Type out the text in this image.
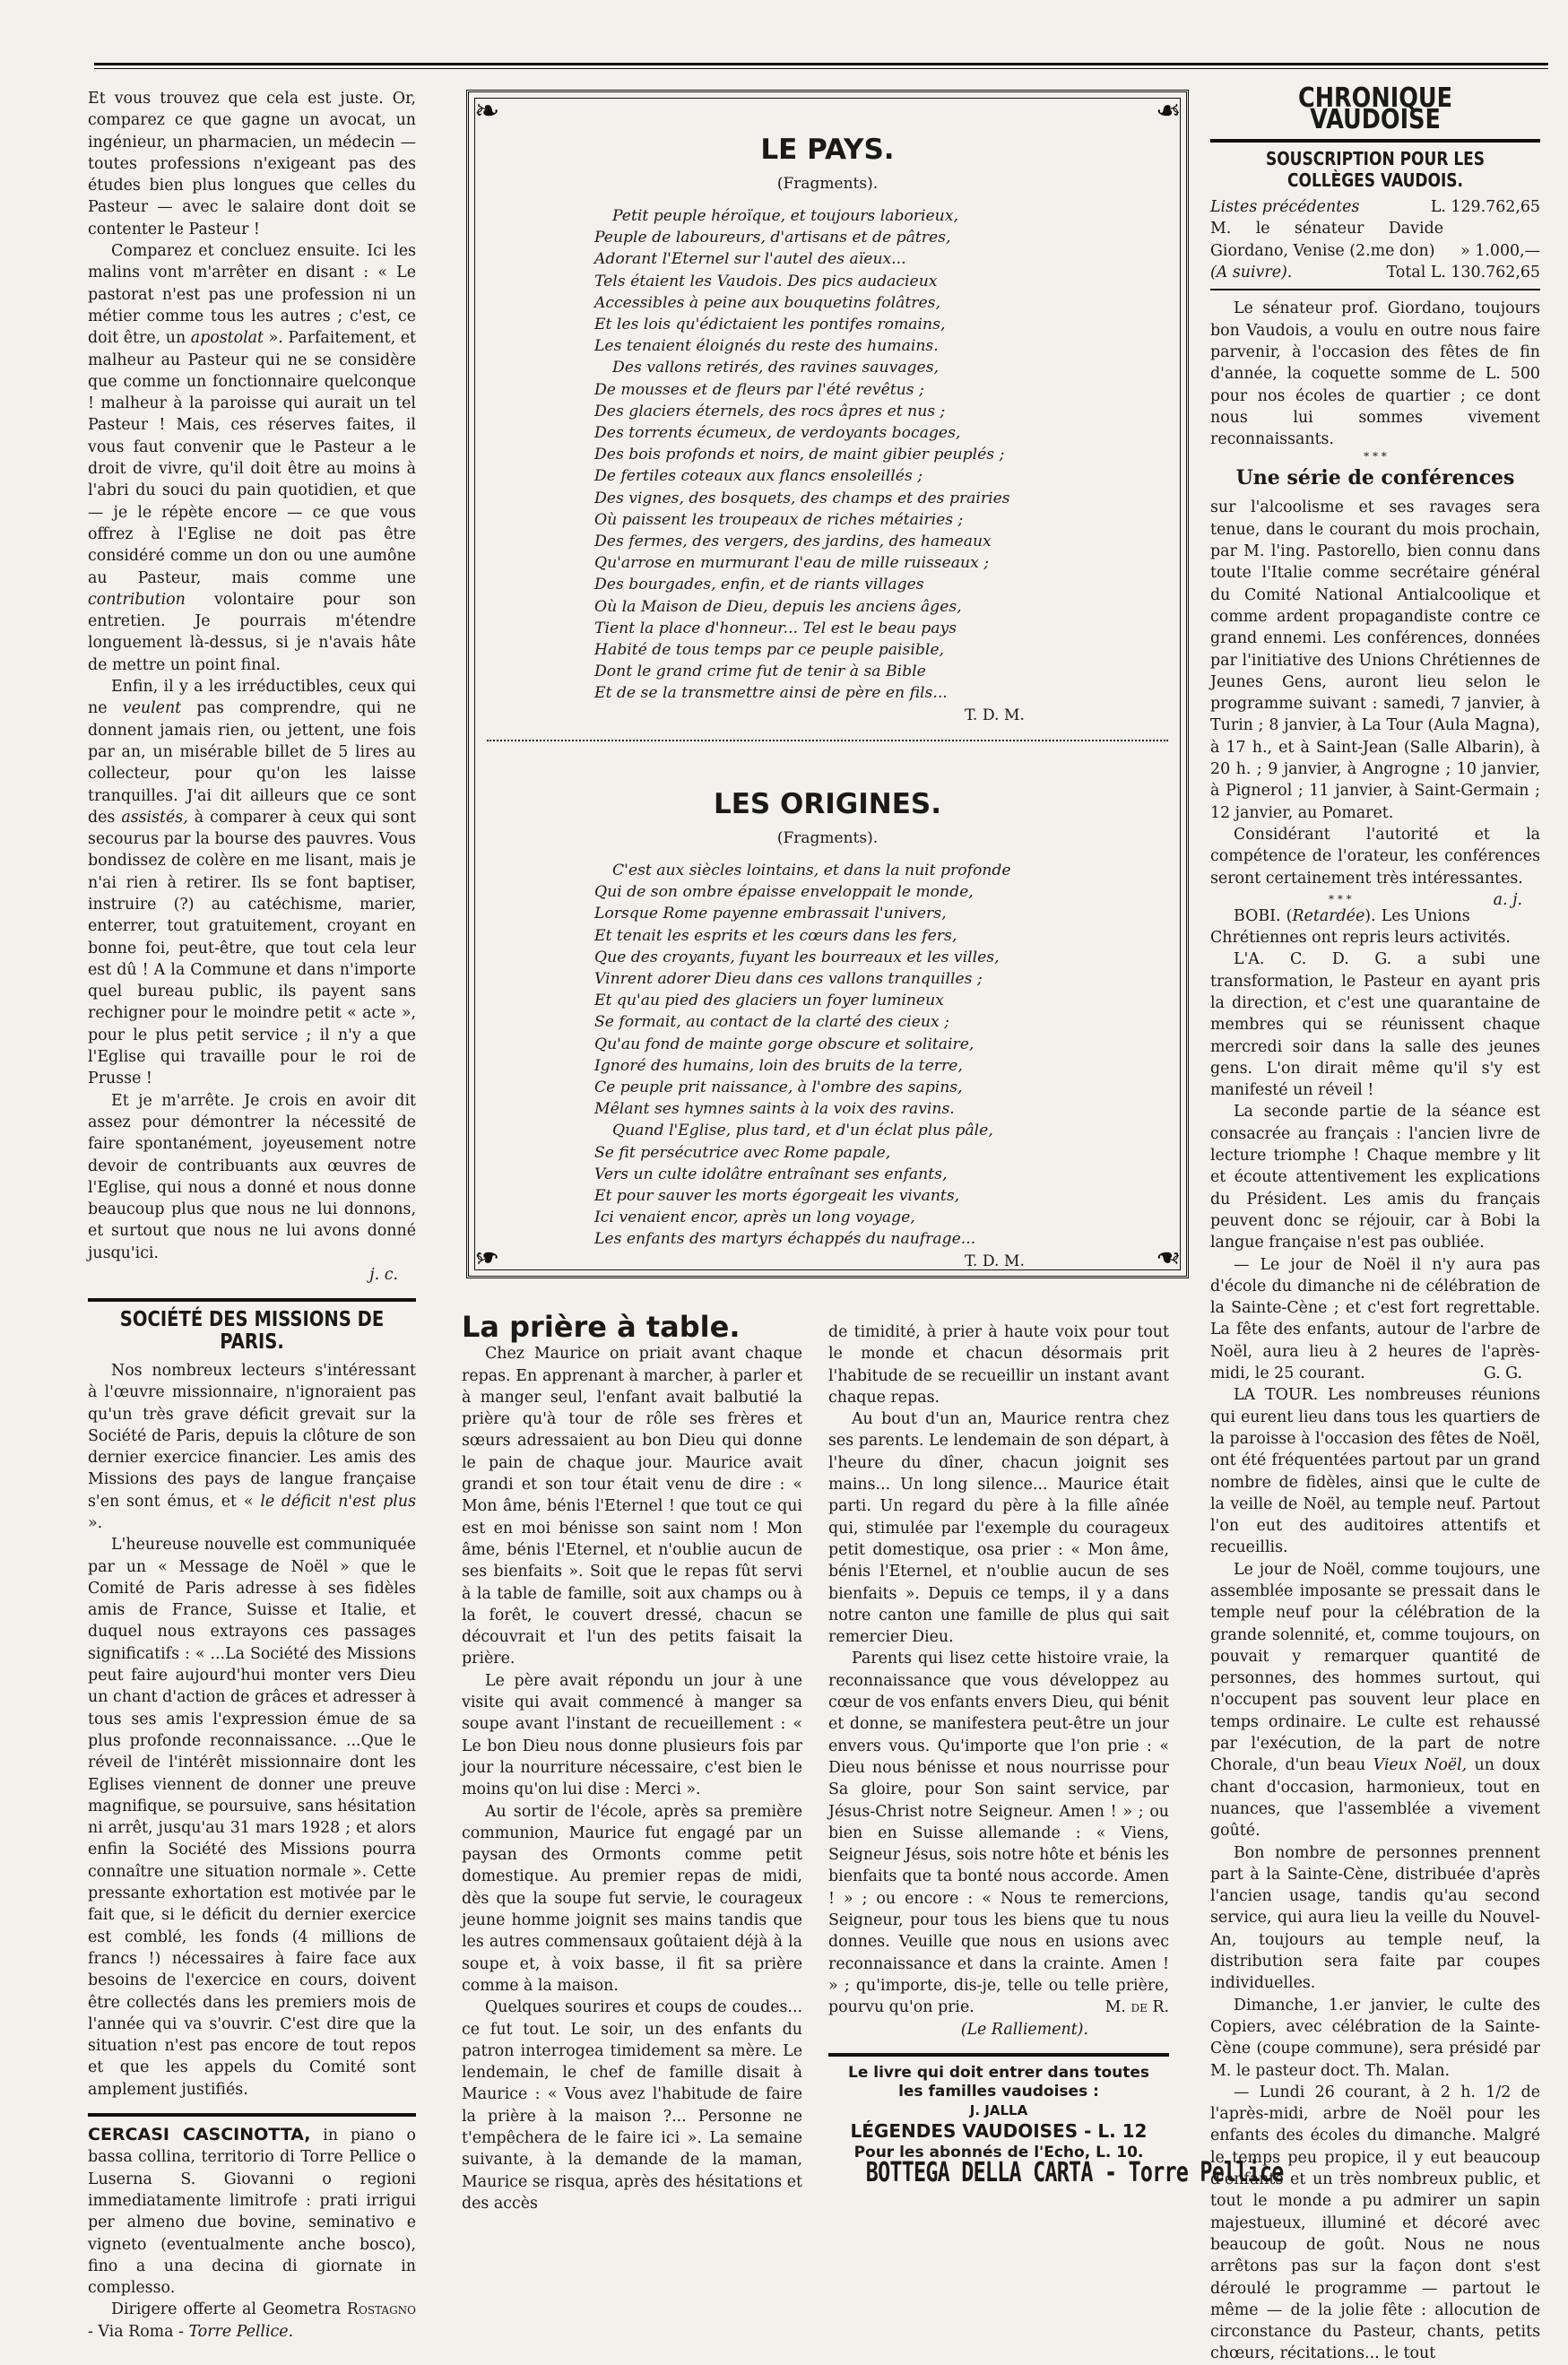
Et vous trouvez que cela est juste. Or, comparez ce que gagne un avocat, un ingénieur, un pharmacien, un médecin — toutes professions n'exigeant pas des études bien plus longues que celles du Pasteur — avec le salaire dont doit se contenter le Pasteur !

Comparez et concluez ensuite. Ici les malins vont m'arrêter en disant : « Le pastorat n'est pas une profession ni un métier comme tous les autres ; c'est, ce doit être, un apostolat ». Parfaitement, et malheur au Pasteur qui ne se considère que comme un fonctionnaire quelconque ! malheur à la paroisse qui aurait un tel Pasteur ! Mais, ces réserves faites, il vous faut convenir que le Pasteur a le droit de vivre, qu'il doit être au moins à l'abri du souci du pain quotidien, et que — je le répète encore — ce que vous offrez à l'Eglise ne doit pas être considéré comme un don ou une aumône au Pasteur, mais comme une contribution volontaire pour son entretien. Je pourrais m'étendre longuement là-dessus, si je n'avais hâte de mettre un point final.

Enfin, il y a les irréductibles, ceux qui ne veulent pas comprendre, qui ne donnent jamais rien, ou jettent, une fois par an, un misérable billet de 5 lires au collecteur, pour qu'on les laisse tranquilles. J'ai dit ailleurs que ce sont des assistés, à comparer à ceux qui sont secourus par la bourse des pauvres. Vous bondissez de colère en me lisant, mais je n'ai rien à retirer. Ils se font baptiser, instruire (?) au catéchisme, marier, enterrer, tout gratuitement, croyant en bonne foi, peut-être, que tout cela leur est dû ! A la Commune et dans n'importe quel bureau public, ils payent sans rechigner pour le moindre petit « acte », pour le plus petit service ; il n'y a que l'Eglise qui travaille pour le roi de Prusse !

Et je m'arrête. Je crois en avoir dit assez pour démontrer la nécessité de faire spontanément, joyeusement notre devoir de contribuants aux œuvres de l'Eglise, qui nous a donné et nous donne beaucoup plus que nous ne lui donnons, et surtout que nous ne lui avons donné jusqu'ici.

j. c.
SOCIÉTÉ DES MISSIONS DE PARIS.

Nos nombreux lecteurs s'intéressant à l'œuvre missionnaire, n'ignoraient pas qu'un très grave déficit grevait sur la Société de Paris, depuis la clôture de son dernier exercice financier. Les amis des Missions des pays de langue française s'en sont émus, et « le déficit n'est plus ».

L'heureuse nouvelle est communiquée par un « Message de Noël » que le Comité de Paris adresse à ses fidèles amis de France, Suisse et Italie, et duquel nous extrayons ces passages significatifs : « ...La Société des Missions peut faire aujourd'hui monter vers Dieu un chant d'action de grâces et adresser à tous ses amis l'expression émue de sa plus profonde reconnaissance. ...Que le réveil de l'intérêt missionnaire dont les Eglises viennent de donner une preuve magnifique, se poursuive, sans hésitation ni arrêt, jusqu'au 31 mars 1928 ; et alors enfin la Société des Missions pourra connaître une situation normale ». Cette pressante exhortation est motivée par le fait que, si le déficit du dernier exercice est comblé, les fonds (4 millions de francs !) nécessaires à faire face aux besoins de l'exercice en cours, doivent être collectés dans les premiers mois de l'année qui va s'ouvrir. C'est dire que la situation n'est pas encore de tout repos et que les appels du Comité sont amplement justifiés.

CERCASI CASCINOTTA, in piano o bassa collina, territorio di Torre Pellice o Luserna S. Giovanni o regioni immediatamente limitrofe : prati irrigui per almeno due bovine, seminativo e vigneto (eventualmente anche bosco), fino a una decina di giornate in complesso.

Dirigere offerte al Geometra Rostagno - Via Roma - Torre Pellice.

❧	❧
❧	❧
LE PAYS.
(Fragments).
Petit peuple héroïque, et toujours laborieux,
Peuple de laboureurs, d'artisans et de pâtres,
Adorant l'Eternel sur l'autel des aïeux...
Tels étaient les Vaudois. Des pics audacieux
Accessibles à peine aux bouquetins folâtres,
Et les lois qu'édictaient les pontifes romains,
Les tenaient éloignés du reste des humains.
Des vallons retirés, des ravines sauvages,
De mousses et de fleurs par l'été revêtus ;
Des glaciers éternels, des rocs âpres et nus ;
Des torrents écumeux, de verdoyants bocages,
Des bois profonds et noirs, de maint gibier peuplés ;
De fertiles coteaux aux flancs ensoleillés ;
Des vignes, des bosquets, des champs et des prairies
Où paissent les troupeaux de riches métairies ;
Des fermes, des vergers, des jardins, des hameaux
Qu'arrose en murmurant l'eau de mille ruisseaux ;
Des bourgades, enfin, et de riants villages
Où la Maison de Dieu, depuis les anciens âges,
Tient la place d'honneur... Tel est le beau pays
Habité de tous temps par ce peuple paisible,
Dont le grand crime fut de tenir à sa Bible
Et de se la transmettre ainsi de père en fils...
T. D. M.
LES ORIGINES.
(Fragments).
C'est aux siècles lointains, et dans la nuit profonde
Qui de son ombre épaisse enveloppait le monde,
Lorsque Rome payenne embrassait l'univers,
Et tenait les esprits et les cœurs dans les fers,
Que des croyants, fuyant les bourreaux et les villes,
Vinrent adorer Dieu dans ces vallons tranquilles ;
Et qu'au pied des glaciers un foyer lumineux
Se formait, au contact de la clarté des cieux ;
Qu'au fond de mainte gorge obscure et solitaire,
Ignoré des humains, loin des bruits de la terre,
Ce peuple prit naissance, à l'ombre des sapins,
Mêlant ses hymnes saints à la voix des ravins.
Quand l'Eglise, plus tard, et d'un éclat plus pâle,
Se fit persécutrice avec Rome papale,
Vers un culte idolâtre entraînant ses enfants,
Et pour sauver les morts égorgeait les vivants,
Ici venaient encor, après un long voyage,
Les enfants des martyrs échappés du naufrage...
T. D. M.
La prière à table.

Chez Maurice on priait avant chaque repas. En apprenant à marcher, à parler et à manger seul, l'enfant avait balbutié la prière qu'à tour de rôle ses frères et sœurs adressaient au bon Dieu qui donne le pain de chaque jour. Maurice avait grandi et son tour était venu de dire : « Mon âme, bénis l'Eternel ! que tout ce qui est en moi bénisse son saint nom ! Mon âme, bénis l'Eternel, et n'oublie aucun de ses bienfaits ». Soit que le repas fût servi à la table de famille, soit aux champs ou à la forêt, le couvert dressé, chacun se découvrait et l'un des petits faisait la prière.

Le père avait répondu un jour à une visite qui avait commencé à manger sa soupe avant l'instant de recueillement : « Le bon Dieu nous donne plusieurs fois par jour la nourriture nécessaire, c'est bien le moins qu'on lui dise : Merci ».

Au sortir de l'école, après sa première communion, Maurice fut engagé par un paysan des Ormonts comme petit domestique. Au premier repas de midi, dès que la soupe fut servie, le courageux jeune homme joignit ses mains tandis que les autres commensaux goûtaient déjà à la soupe et, à voix basse, il fit sa prière comme à la maison.

Quelques sourires et coups de coudes... ce fut tout. Le soir, un des enfants du patron interrogea timidement sa mère. Le lendemain, le chef de famille disait à Maurice : « Vous avez l'habitude de faire la prière à la maison ?... Personne ne t'empêchera de le faire ici ». La semaine suivante, à la demande de la maman, Maurice se risqua, après des hésitations et des accès

de timidité, à prier à haute voix pour tout le monde et chacun désormais prit l'habitude de se recueillir un instant avant chaque repas.

Au bout d'un an, Maurice rentra chez ses parents. Le lendemain de son départ, à l'heure du dîner, chacun joignit ses mains... Un long silence... Maurice était parti. Un regard du père à la fille aînée qui, stimulée par l'exemple du courageux petit domestique, osa prier : « Mon âme, bénis l'Eternel, et n'oublie aucun de ses bienfaits ». Depuis ce temps, il y a dans notre canton une famille de plus qui sait remercier Dieu.

Parents qui lisez cette histoire vraie, la reconnaissance que vous développez au cœur de vos enfants envers Dieu, qui bénit et donne, se manifestera peut-être un jour envers vous. Qu'importe que l'on prie : « Dieu nous bénisse et nous nourrisse pour Sa gloire, pour Son saint service, par Jésus-Christ notre Seigneur. Amen ! » ; ou bien en Suisse allemande : « Viens, Seigneur Jésus, sois notre hôte et bénis les bienfaits que ta bonté nous accorde. Amen ! » ; ou encore : « Nous te remercions, Seigneur, pour tous les biens que tu nous donnes. Veuille que nous en usions avec reconnaissance et dans la crainte. Amen ! » ; qu'importe, dis-je, telle ou telle prière, pourvu qu'on prie.	M. de R.

(Le Ralliement).
Le livre qui doit entrer dans toutes
les familles vaudoises :
J. JALLA
LÉGENDES VAUDOISES - L. 12
Pour les abonnés de l'Echo, L. 10.
BOTTEGA DELLA CARTA - Torre Pellice
CHRONIQUE VAUDOISE
SOUSCRIPTION POUR LES COLLÈGES VAUDOIS.
Listes précédentes	L. 129.762,65
M. le sénateur Davide Giordano, Venise (2.me don)	» 1.000,—
(A suivre).	Total L. 130.762,65

Le sénateur prof. Giordano, toujours bon Vaudois, a voulu en outre nous faire parvenir, à l'occasion des fêtes de fin d'année, la coquette somme de L. 500 pour nos écoles de quartier ; ce dont nous lui sommes vivement reconnaissants.

* * *
Une série de conférences

sur l'alcoolisme et ses ravages sera tenue, dans le courant du mois prochain, par M. l'ing. Pastorello, bien connu dans toute l'Italie comme secrétaire général du Comité National Antialcoolique et comme ardent propagandiste contre ce grand ennemi. Les conférences, données par l'initiative des Unions Chrétiennes de Jeunes Gens, auront lieu selon le programme suivant : samedi, 7 janvier, à Turin ; 8 janvier, à La Tour (Aula Magna), à 17 h., et à Saint-Jean (Salle Albarin), à 20 h. ; 9 janvier, à Angrogne ; 10 janvier, à Pignerol ; 11 janvier, à Saint-Germain ; 12 janvier, au Pomaret.

Considérant l'autorité et la compétence de l'orateur, les conférences seront certainement très intéressantes.
a. j.

* * *

BOBI. (Retardée). Les Unions Chrétiennes ont repris leurs activités.

L'A. C. D. G. a subi une transformation, le Pasteur en ayant pris la direction, et c'est une quarantaine de membres qui se réunissent chaque mercredi soir dans la salle des jeunes gens. L'on dirait même qu'il s'y est manifesté un réveil !

La seconde partie de la séance est consacrée au français : l'ancien livre de lecture triomphe ! Chaque membre y lit et écoute attentivement les explications du Président. Les amis du français peuvent donc se réjouir, car à Bobi la langue française n'est pas oubliée.

— Le jour de Noël il n'y aura pas d'école du dimanche ni de célébration de la Sainte-Cène ; et c'est fort regrettable. La fête des enfants, autour de l'arbre de Noël, aura lieu à 2 heures de l'après-midi, le 25 courant.	G. G.

LA TOUR. Les nombreuses réunions qui eurent lieu dans tous les quartiers de la paroisse à l'occasion des fêtes de Noël, ont été fréquentées partout par un grand nombre de fidèles, ainsi que le culte de la veille de Noël, au temple neuf. Partout l'on eut des auditoires attentifs et recueillis.

Le jour de Noël, comme toujours, une assemblée imposante se pressait dans le temple neuf pour la célébration de la grande solennité, et, comme toujours, on pouvait y remarquer quantité de personnes, des hommes surtout, qui n'occupent pas souvent leur place en temps ordinaire. Le culte est rehaussé par l'exécution, de la part de notre Chorale, d'un beau Vieux Noël, un doux chant d'occasion, harmonieux, tout en nuances, que l'assemblée a vivement goûté.

Bon nombre de personnes prennent part à la Sainte-Cène, distribuée d'après l'ancien usage, tandis qu'au second service, qui aura lieu la veille du Nouvel-An, toujours au temple neuf, la distribution sera faite par coupes individuelles.

Dimanche, 1.er janvier, le culte des Copiers, avec célébration de la Sainte-Cène (coupe commune), sera présidé par M. le pasteur doct. Th. Malan.

— Lundi 26 courant, à 2 h. 1/2 de l'après-midi, arbre de Noël pour les enfants des écoles du dimanche. Malgré le temps peu propice, il y eut beaucoup d'enfants et un très nombreux public, et tout le monde a pu admirer un sapin majestueux, illuminé et décoré avec beaucoup de goût. Nous ne nous arrêtons pas sur la façon dont s'est déroulé le programme — partout le même — de la jolie fête : allocution de circonstance du Pasteur, chants, petits chœurs, récitations... le tout
